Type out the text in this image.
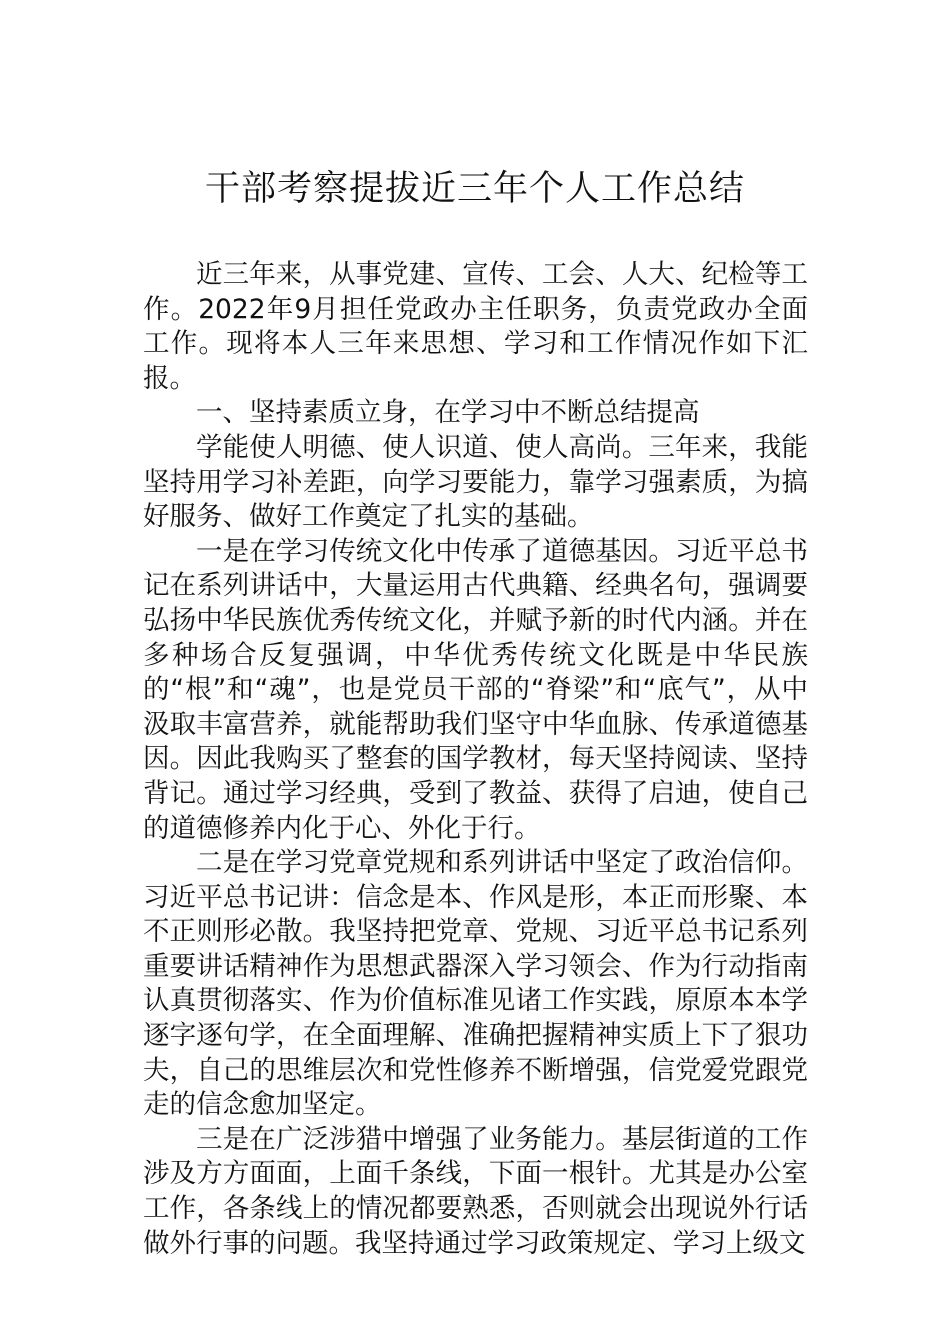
干部考察提拔近三年个人工作总结

近三年来，从事党建、宣传、工会、人大、纪检等工作。2022年9月担任党政办主任职务，负责党政办全面工作。现将本人三年来思想、学习和工作情况作如下汇报。

一、坚持素质立身，在学习中不断总结提高

学能使人明德、使人识道、使人高尚。三年来，我能坚持用学习补差距，向学习要能力，靠学习强素质，为搞好服务、做好工作奠定了扎实的基础。

一是在学习传统文化中传承了道德基因。习近平总书记在系列讲话中，大量运用古代典籍、经典名句，强调要弘扬中华民族优秀传统文化，并赋予新的时代内涵。并在多种场合反复强调，中华优秀传统文化既是中华民族的“根”和“魂”，也是党员干部的“脊梁”和“底气”，从中汲取丰富营养，就能帮助我们坚守中华血脉、传承道德基因。因此我购买了整套的国学教材，每天坚持阅读、坚持背记。通过学习经典，受到了教益、获得了启迪，使自己的道德修养内化于心、外化于行。

二是在学习党章党规和系列讲话中坚定了政治信仰。习近平总书记讲：信念是本、作风是形，本正而形聚、本不正则形必散。我坚持把党章、党规、习近平总书记系列重要讲话精神作为思想武器深入学习领会、作为行动指南认真贯彻落实、作为价值标准见诸工作实践，原原本本学逐字逐句学，在全面理解、准确把握精神实质上下了狠功夫，自己的思维层次和党性修养不断增强，信党爱党跟党走的信念愈加坚定。

三是在广泛涉猎中增强了业务能力。基层街道的工作涉及方方面面，上面千条线，下面一根针。尤其是办公室工作，各条线上的情况都要熟悉，否则就会出现说外行话做外行事的问题。我坚持通过学习政策规定、学习上级文
